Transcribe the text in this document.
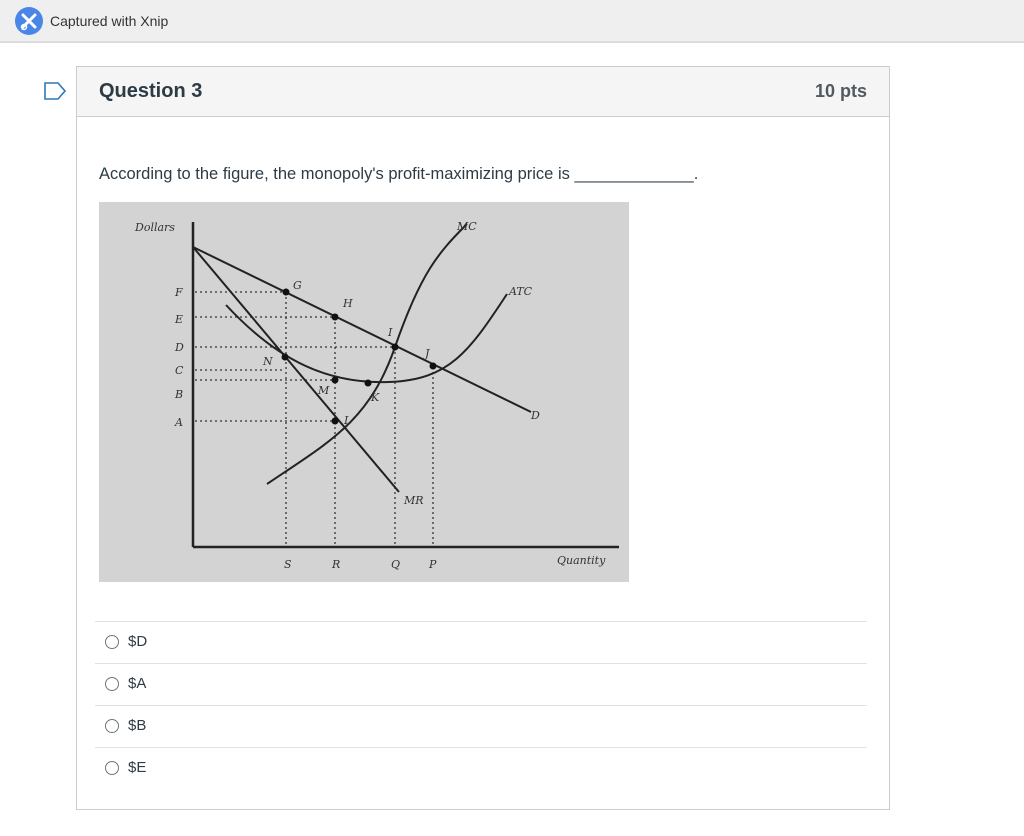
Captured with Xnip
Question 3	10 pts
According to the figure, the monopoly's profit-maximizing price is _____________.
Dollars
Quantity
F
E
D
C
B
A
S	R	Q	P
MC
ATC
D
MR
G
H
I
J
N
M
K
L
$D
$A
$B
$E
